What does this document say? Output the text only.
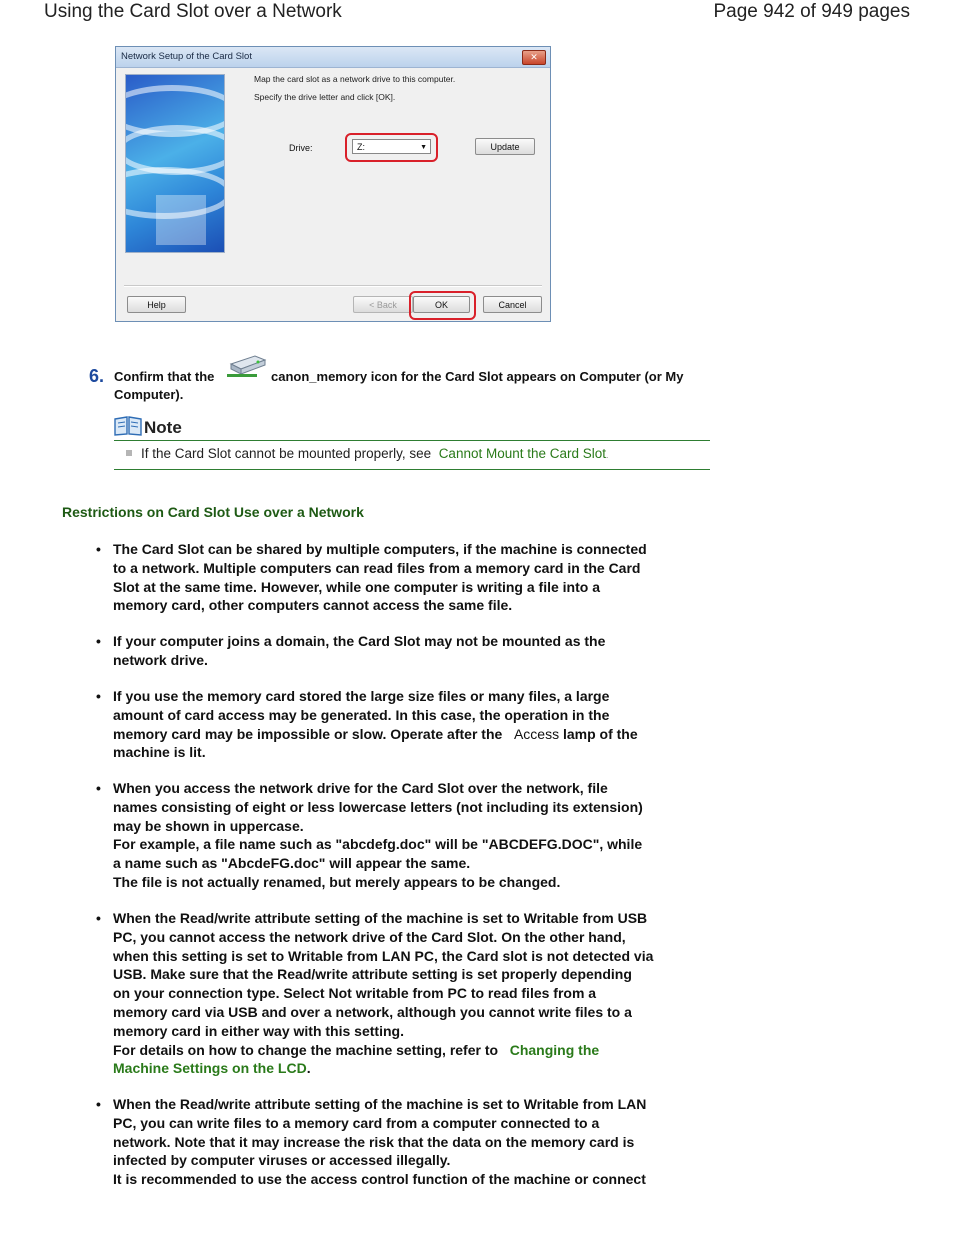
Using the Card Slot over a Network	Page 942 of 949 pages
Network Setup of the Card Slot	✕
Map the card slot as a network drive to this computer.
Specify the drive letter and click [OK].
Drive:	Z:	▼	Update
Help	< Back	OK	Cancel
6. Confirm that the	canon_memory icon for the Card Slot appears on Computer (or My
Computer).
Note
If the Card Slot cannot be mounted properly, see Cannot Mount the Card Slot.
Restrictions on Card Slot Use over a Network
• The Card Slot can be shared by multiple computers, if the machine is connected
to a network. Multiple computers can read files from a memory card in the Card
Slot at the same time. However, while one computer is writing a file into a
memory card, other computers cannot access the same file.
• If your computer joins a domain, the Card Slot may not be mounted as the
network drive.
• If you use the memory card stored the large size files or many files, a large
amount of card access may be generated. In this case, the operation in the
memory card may be impossible or slow. Operate after the Access lamp of the
machine is lit.
• When you access the network drive for the Card Slot over the network, file
names consisting of eight or less lowercase letters (not including its extension)
may be shown in uppercase.
For example, a file name such as "abcdefg.doc" will be "ABCDEFG.DOC", while
a name such as "AbcdeFG.doc" will appear the same.
The file is not actually renamed, but merely appears to be changed.
• When the Read/write attribute setting of the machine is set to Writable from USB
PC, you cannot access the network drive of the Card Slot. On the other hand,
when this setting is set to Writable from LAN PC, the Card slot is not detected via
USB. Make sure that the Read/write attribute setting is set properly depending
on your connection type. Select Not writable from PC to read files from a
memory card via USB and over a network, although you cannot write files to a
memory card in either way with this setting.
For details on how to change the machine setting, refer to Changing the
Machine Settings on the LCD.
• When the Read/write attribute setting of the machine is set to Writable from LAN
PC, you can write files to a memory card from a computer connected to a
network. Note that it may increase the risk that the data on the memory card is
infected by computer viruses or accessed illegally.
It is recommended to use the access control function of the machine or connect
